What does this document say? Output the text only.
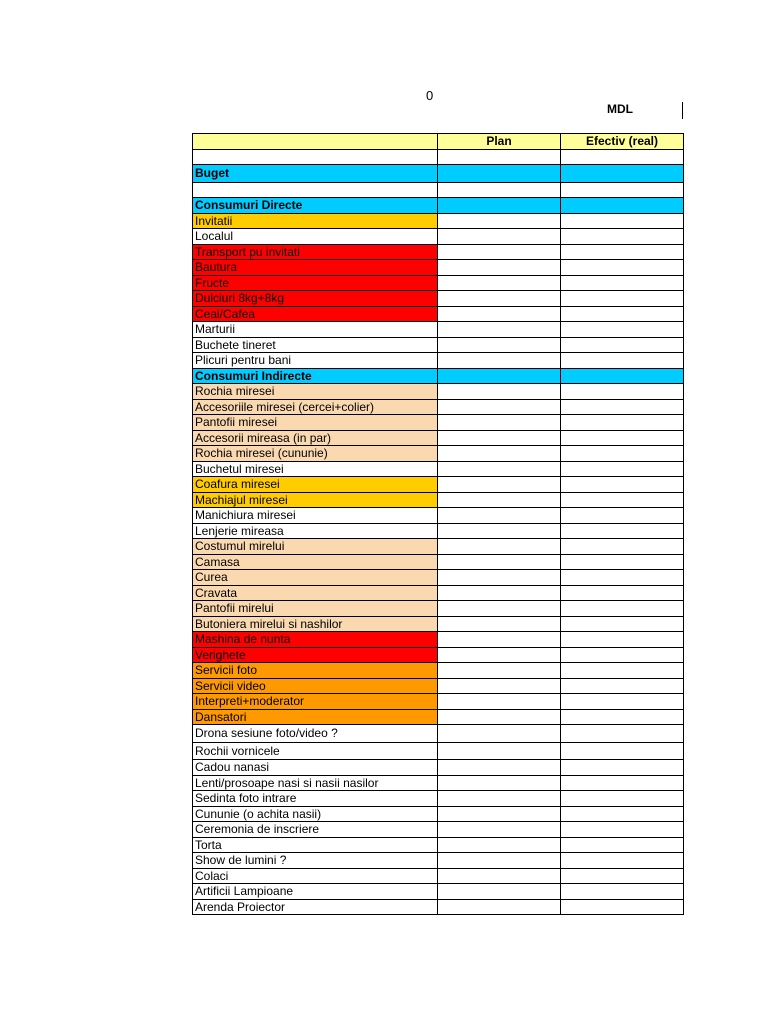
0
MDL
	Plan	Efectiv (real)

Buget		

Consumuri Directe		
Invitatii		
Localul		
Transport pu invitati		
Bautura		
Fructe		
Dulciuri 8kg+8kg		
Ceai/Cafea		
Marturii		
Buchete tineret		
Plicuri pentru bani		
Consumuri Indirecte		
Rochia miresei		
Accesoriile miresei (cercei+colier)		
Pantofii miresei		
Accesorii mireasa (in par)		
Rochia miresei (cununie)		
Buchetul miresei		
Coafura miresei		
Machiajul miresei		
Manichiura miresei		
Lenjerie mireasa		
Costumul mirelui		
Camasa		
Curea		
Cravata		
Pantofii mirelui		
Butoniera mirelui si nashilor		
Mashina de nunta		
Verighete		
Servicii foto		
Servicii video		
Interpreti+moderator		
Dansatori		
Drona sesiune foto/video ?		
Rochii vornicele		
Cadou nanasi		
Lenti/prosoape nasi si nasii nasilor		
Sedinta foto intrare		
Cununie (o achita nasii)		
Ceremonia de inscriere		
Torta		
Show de lumini ?		
Colaci		
Artificii Lampioane		
Arenda Proiector		
